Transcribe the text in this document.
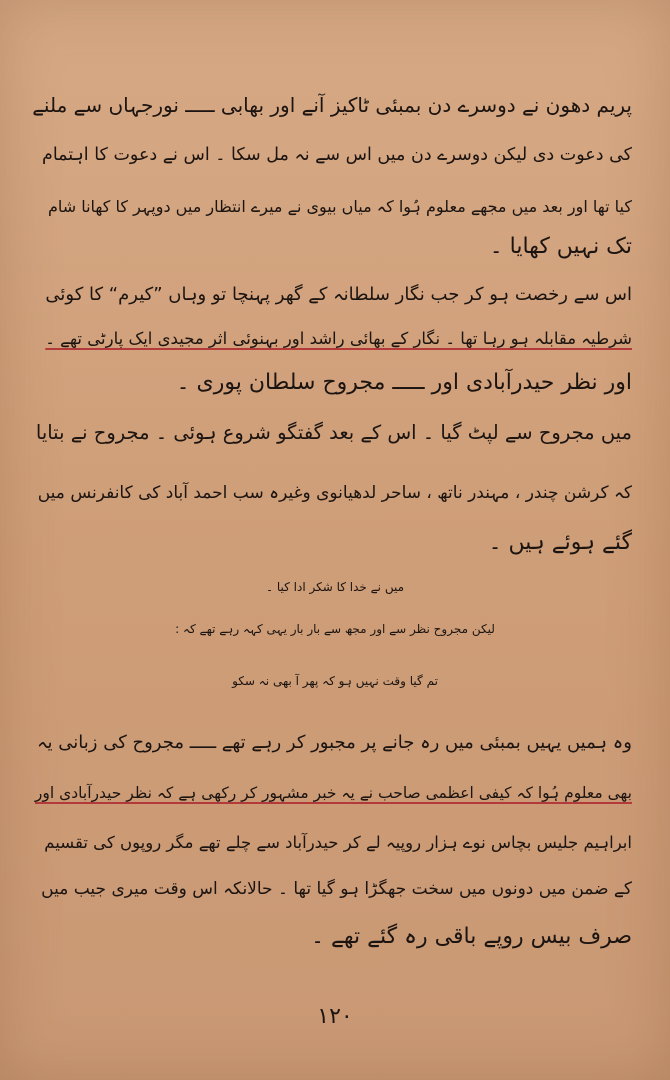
پریم دھون نے دوسرے دن بمبئی ٹاکیز آنے اور بھابی ـــــ نورجہاں سے ملنے
کی دعوت دی لیکن دوسرے دن میں اس سے نہ مل سکا ۔ اس نے دعوت کا اہتمام
کیا تھا اور بعد میں مجھے معلوم ہُوا کہ میاں بیوی نے میرے انتظار میں دوپہر کا کھانا شام
تک نہیں کھایا ۔
اس سے رخصت ہو کر جب نگار سلطانہ کے گھر پہنچا تو وہاں ”کیرم“ کا کوئی
شرطیہ مقابلہ ہو رہا تھا ۔ نگار کے بھائی راشد اور بہنوئی اثر مجیدی ایک پارٹی تھے ۔
اور نظر حیدرآبادی اور ـــــ مجروح سلطان پوری ۔
میں مجروح سے لپٹ گیا ۔ اس کے بعد گفتگو شروع ہوئی ۔ مجروح نے بتایا
کہ کرشن چندر ، مہندر ناتھ ، ساحر لدھیانوی وغیرہ سب احمد آباد کی کانفرنس میں
گئے ہوئے ہیں ۔
میں نے خدا کا شکر ادا کیا ۔
لیکن مجروح نظر سے اور مجھ سے بار بار یہی کہہ رہے تھے کہ :
تم گیا وقت نہیں ہو کہ پھر آ بھی نہ سکو
وہ ہمیں یہیں بمبئی میں رہ جانے پر مجبور کر رہے تھے ـــــ مجروح کی زبانی یہ
بھی معلوم ہُوا کہ کیفی اعظمی صاحب نے یہ خبر مشہور کر رکھی ہے کہ نظر حیدرآبادی اور
ابراہیم جلیس بچاس نوے ہزار روپیہ لے کر حیدرآباد سے چلے تھے مگر روپوں کی تقسیم
کے ضمن میں دونوں میں سخت جھگڑا ہو گیا تھا ۔ حالانکہ اس وقت میری جیب میں
صرف بیس روپے باقی رہ گئے تھے ۔
۱۲۰
